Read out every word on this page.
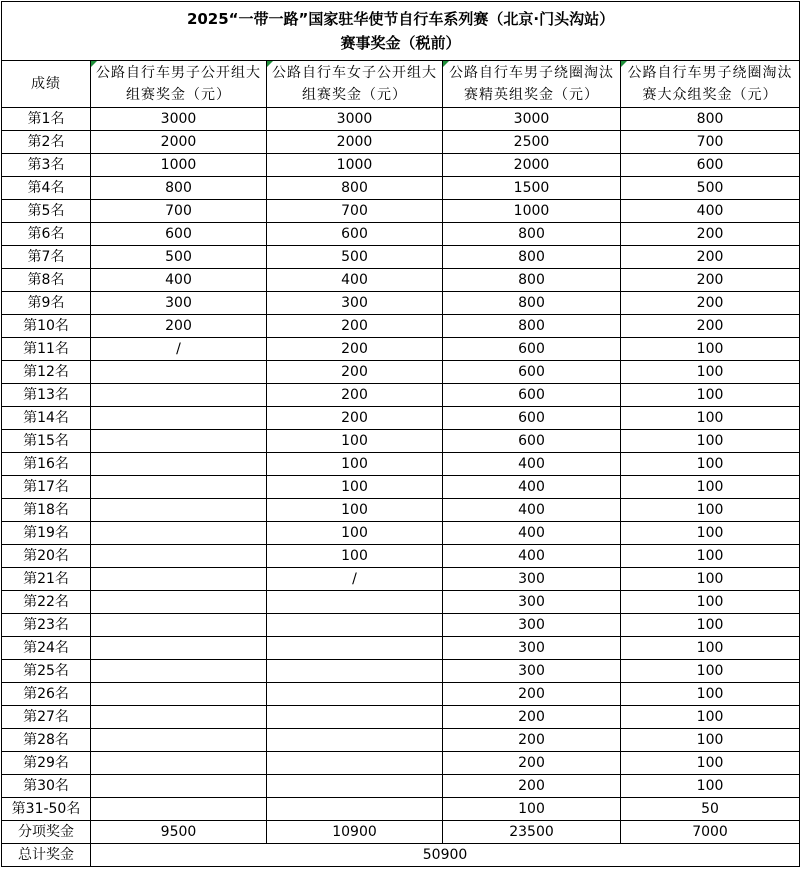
2025“一带一路”国家驻华使节自行车系列赛（北京·门头沟站）
赛事奖金（税前）				

成绩	公路自行车男子公开组大组赛奖金（元）	公路自行车女子公开组大组赛奖金（元）	公路自行车男子绕圈淘汰赛精英组奖金（元）	公路自行车男子绕圈淘汰赛大众组奖金（元）
第1名	3000	3000	3000	800
第2名	2000	2000	2500	700
第3名	1000	1000	2000	600
第4名	800	800	1500	500
第5名	700	700	1000	400
第6名	600	600	800	200
第7名	500	500	800	200
第8名	400	400	800	200
第9名	300	300	800	200
第10名	200	200	800	200
第11名	/	200	600	100
第12名		200	600	100
第13名		200	600	100
第14名		200	600	100
第15名		100	600	100
第16名		100	400	100
第17名		100	400	100
第18名		100	400	100
第19名		100	400	100
第20名		100	400	100
第21名		/	300	100
第22名			300	100
第23名			300	100
第24名			300	100
第25名			300	100
第26名			200	100
第27名			200	100
第28名			200	100
第29名			200	100
第30名			200	100
第31-50名			100	50
分项奖金	9500	10900	23500	7000
总计奖金	50900			
